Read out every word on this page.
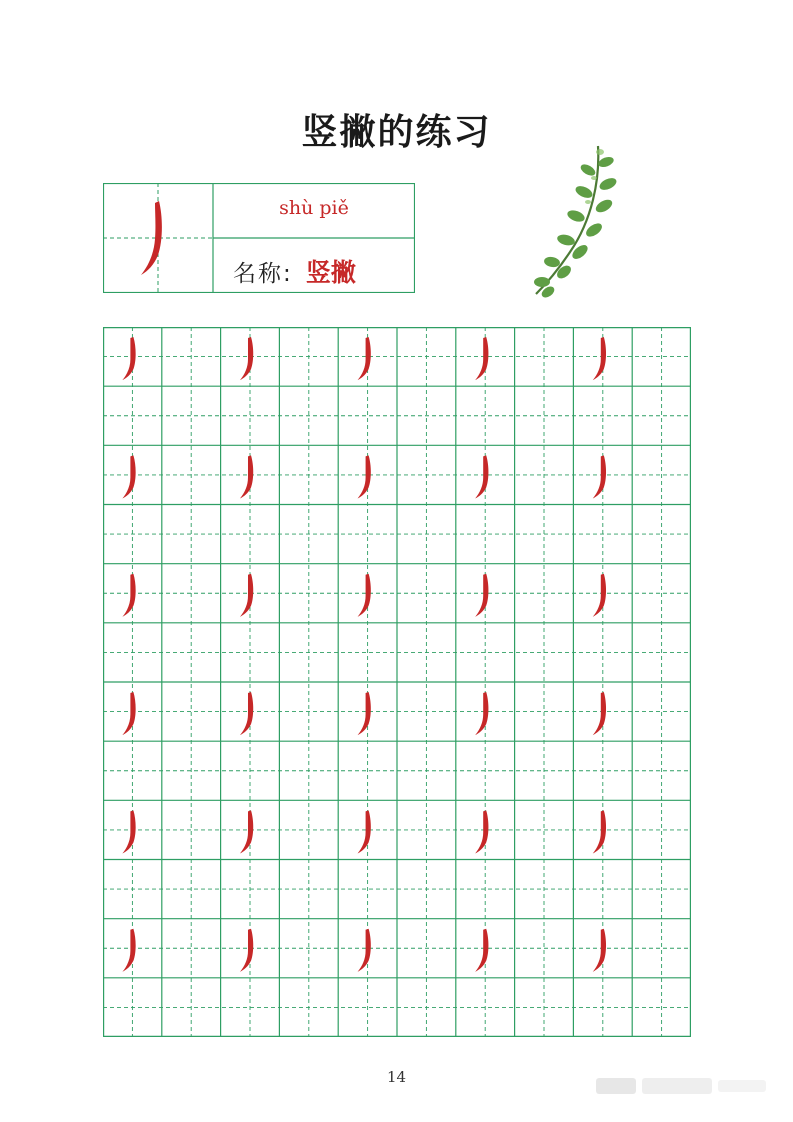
竖撇的练习
shù piě
名称: 竖撇
14
